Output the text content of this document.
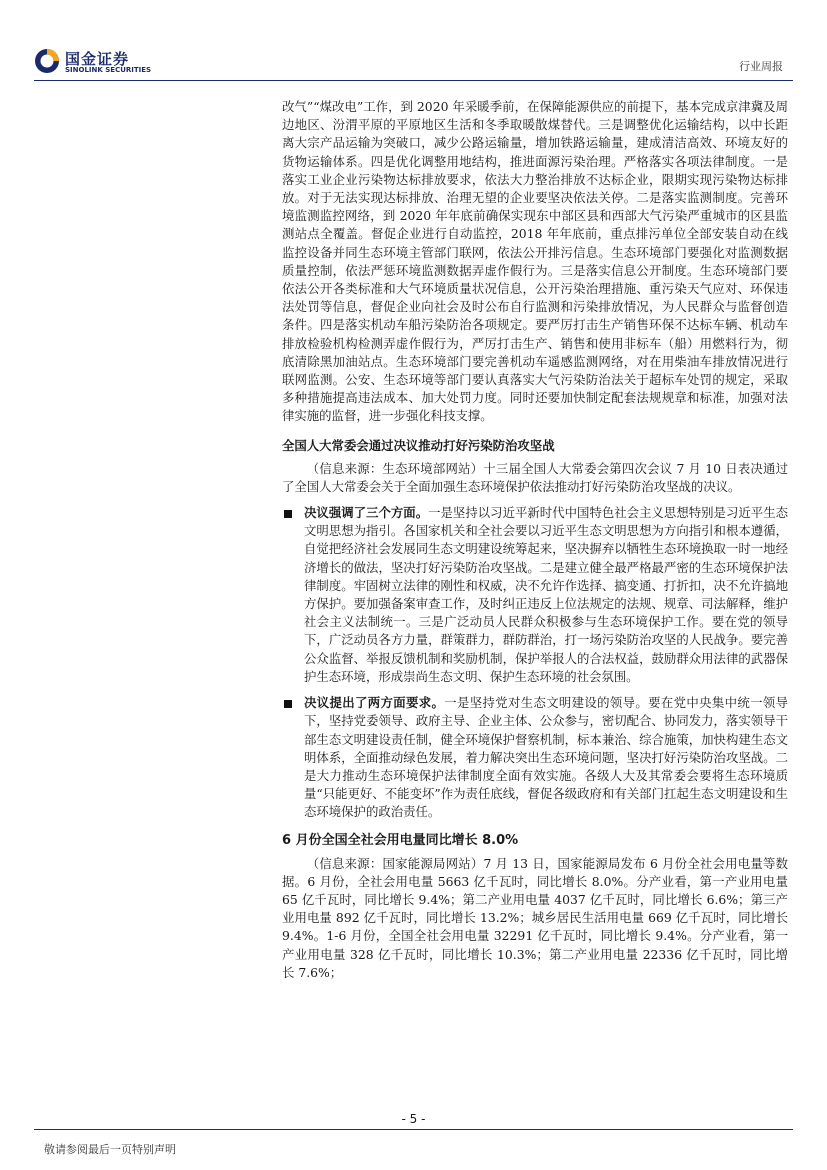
国金证券
SINOLINK SECURITIES	行业周报

改气”“煤改电”工作，到 2020 年采暖季前，在保障能源供应的前提下，基本完成京津冀及周边地区、汾渭平原的平原地区生活和冬季取暖散煤替代。三是调整优化运输结构，以中长距离大宗产品运输为突破口，减少公路运输量，增加铁路运输量，建成清洁高效、环境友好的货物运输体系。四是优化调整用地结构，推进面源污染治理。严格落实各项法律制度。一是落实工业企业污染物达标排放要求，依法大力整治排放不达标企业，限期实现污染物达标排放。对于无法实现达标排放、治理无望的企业要坚决依法关停。二是落实监测制度。完善环境监测监控网络，到 2020 年年底前确保实现东中部区县和西部大气污染严重城市的区县监测站点全覆盖。督促企业进行自动监控，2018 年年底前，重点排污单位全部安装自动在线监控设备并同生态环境主管部门联网，依法公开排污信息。生态环境部门要强化对监测数据质量控制，依法严惩环境监测数据弄虚作假行为。三是落实信息公开制度。生态环境部门要依法公开各类标准和大气环境质量状况信息，公开污染治理措施、重污染天气应对、环保违法处罚等信息，督促企业向社会及时公布自行监测和污染排放情况，为人民群众与监督创造条件。四是落实机动车船污染防治各项规定。要严厉打击生产销售环保不达标车辆、机动车排放检验机构检测弄虚作假行为，严厉打击生产、销售和使用非标车（船）用燃料行为，彻底清除黑加油站点。生态环境部门要完善机动车遥感监测网络，对在用柴油车排放情况进行联网监测。公安、生态环境等部门要认真落实大气污染防治法关于超标车处罚的规定，采取多种措施提高违法成本、加大处罚力度。同时还要加快制定配套法规规章和标准，加强对法律实施的监督，进一步强化科技支撑。

全国人大常委会通过决议推动打好污染防治攻坚战

（信息来源：生态环境部网站）十三届全国人大常委会第四次会议 7 月 10 日表决通过了全国人大常委会关于全面加强生态环境保护依法推动打好污染防治攻坚战的决议。

决议强调了三个方面。一是坚持以习近平新时代中国特色社会主义思想特别是习近平生态文明思想为指引。各国家机关和全社会要以习近平生态文明思想为方向指引和根本遵循，自觉把经济社会发展同生态文明建设统筹起来，坚决摒弃以牺牲生态环境换取一时一地经济增长的做法，坚决打好污染防治攻坚战。二是建立健全最严格最严密的生态环境保护法律制度。牢固树立法律的刚性和权威，决不允许作选择、搞变通、打折扣，决不允许搞地方保护。要加强备案审查工作，及时纠正违反上位法规定的法规、规章、司法解释，维护社会主义法制统一。三是广泛动员人民群众积极参与生态环境保护工作。要在党的领导下，广泛动员各方力量，群策群力，群防群治，打一场污染防治攻坚的人民战争。要完善公众监督、举报反馈机制和奖励机制，保护举报人的合法权益，鼓励群众用法律的武器保护生态环境，形成崇尚生态文明、保护生态环境的社会氛围。

决议提出了两方面要求。一是坚持党对生态文明建设的领导。要在党中央集中统一领导下，坚持党委领导、政府主导、企业主体、公众参与，密切配合、协同发力，落实领导干部生态文明建设责任制，健全环境保护督察机制，标本兼治、综合施策，加快构建生态文明体系，全面推动绿色发展，着力解决突出生态环境问题，坚决打好污染防治攻坚战。二是大力推动生态环境保护法律制度全面有效实施。各级人大及其常委会要将生态环境质量“只能更好、不能变坏”作为责任底线，督促各级政府和有关部门扛起生态文明建设和生态环境保护的政治责任。

6 月份全国全社会用电量同比增长 8.0%

（信息来源：国家能源局网站）7 月 13 日，国家能源局发布 6 月份全社会用电量等数据。6 月份，全社会用电量 5663 亿千瓦时，同比增长 8.0%。分产业看，第一产业用电量 65 亿千瓦时，同比增长 9.4%；第二产业用电量 4037 亿千瓦时，同比增长 6.6%；第三产业用电量 892 亿千瓦时，同比增长 13.2%；城乡居民生活用电量 669 亿千瓦时，同比增长 9.4%。1-6 月份，全国全社会用电量 32291 亿千瓦时，同比增长 9.4%。分产业看，第一产业用电量 328 亿千瓦时，同比增长 10.3%；第二产业用电量 22336 亿千瓦时，同比增长 7.6%；

- 5 -
敬请参阅最后一页特别声明
